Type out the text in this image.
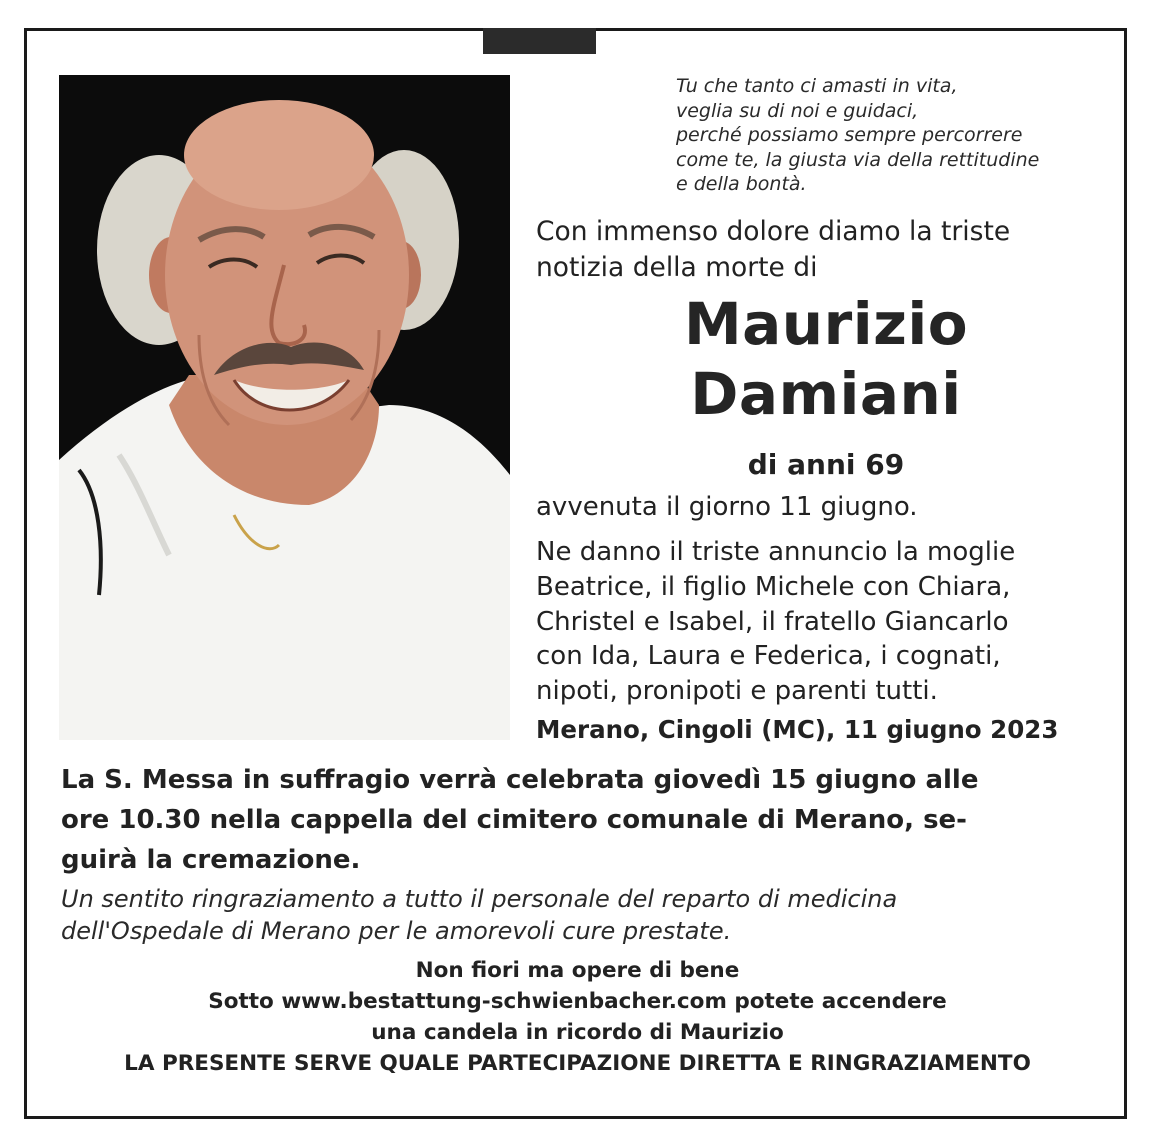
Tu che tanto ci amasti in vita,
veglia su di noi e guidaci,
perché possiamo sempre percorrere
come te, la giusta via della rettitudine
e della bontà.
Con immenso dolore diamo la triste
notizia della morte di
Maurizio
Damiani
di anni 69
avvenuta il giorno 11 giugno.
Ne danno il triste annuncio la moglie
Beatrice, il figlio Michele con Chiara,
Christel e Isabel, il fratello Giancarlo
con Ida, Laura e Federica, i cognati,
nipoti, pronipoti e parenti tutti.
Merano, Cingoli (MC), 11 giugno 2023
La S. Messa in suffragio verrà celebrata giovedì 15 giugno alle
ore 10.30 nella cappella del cimitero comunale di Merano, se-
guirà la cremazione.
Un sentito ringraziamento a tutto il personale del reparto di medicina
dell'Ospedale di Merano per le amorevoli cure prestate.
Non fiori ma opere di bene
Sotto www.bestattung-schwienbacher.com potete accendere
una candela in ricordo di Maurizio
LA PRESENTE SERVE QUALE PARTECIPAZIONE DIRETTA E RINGRAZIAMENTO
